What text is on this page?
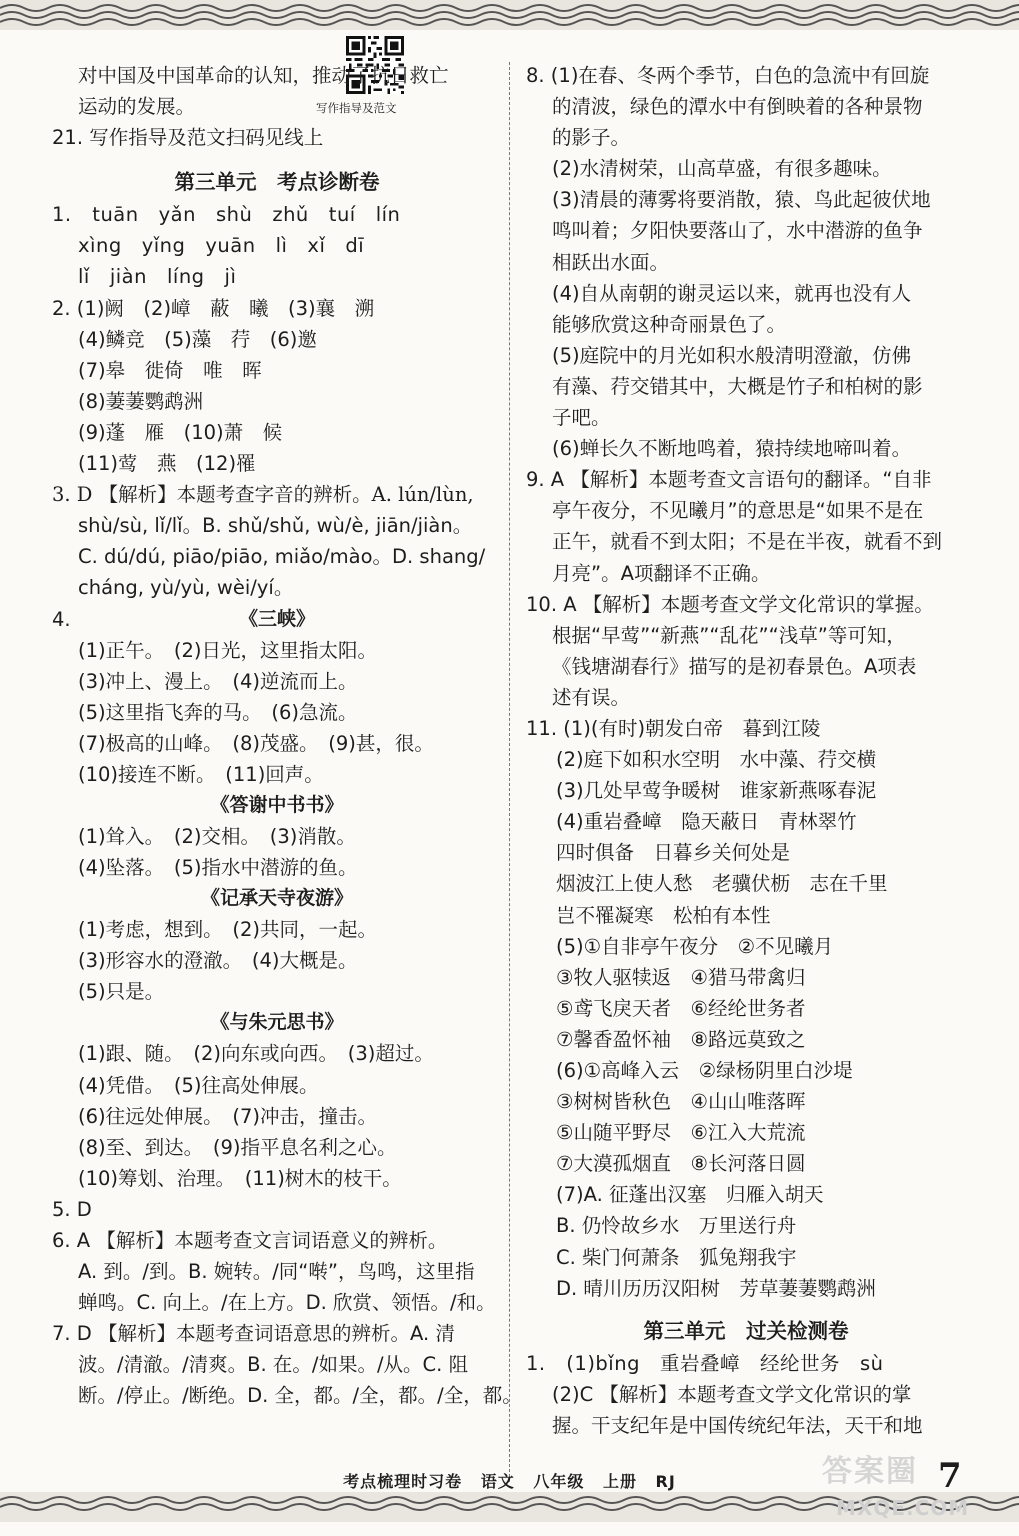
写作指导及范文
对中国及中国革命的认知，推动了抗日救亡
运动的发展。
21. 写作指导及范文扫码见线上
第三单元　考点诊断卷
1. tuān　yǎn　shù　zhǔ　tuí　lín
xìng　yǐng　yuān　lì　xǐ　dī
lǐ　jiàn　líng　jì
2. (1)阙　(2)嶂　蔽　曦　(3)襄　溯
(4)鳞竞　(5)藻　荇　(6)邀
(7)皋　徙倚　唯　晖
(8)萋萋鹦鹉洲
(9)蓬　雁　(10)萧　候
(11)莺　燕　(12)罹
3. D 【解析】本题考查字音的辨析。A. lún/lùn,
shù/sù, lǐ/lǐ。B. shǔ/shǔ, wù/è, jiān/jiàn。
C. dú/dú, piāo/piāo, miǎo/mào。D. shang/
cháng, yù/yù, wèi/yí。
4.	《三峡》
(1)正午。　(2)日光，这里指太阳。
(3)冲上、漫上。　(4)逆流而上。
(5)这里指飞奔的马。　(6)急流。
(7)极高的山峰。　(8)茂盛。　(9)甚，很。
(10)接连不断。　(11)回声。
《答谢中书书》
(1)耸入。　(2)交相。　(3)消散。
(4)坠落。　(5)指水中潜游的鱼。
《记承天寺夜游》
(1)考虑，想到。　(2)共同，一起。
(3)形容水的澄澈。　(4)大概是。
(5)只是。
《与朱元思书》
(1)跟、随。　(2)向东或向西。　(3)超过。
(4)凭借。　(5)往高处伸展。
(6)往远处伸展。　(7)冲击，撞击。
(8)至、到达。　(9)指平息名利之心。
(10)筹划、治理。　(11)树木的枝干。
5. D
6. A 【解析】本题考查文言词语意义的辨析。
A. 到。/到。B. 婉转。/同“啭”，鸟鸣，这里指
蝉鸣。C. 向上。/在上方。D. 欣赏、领悟。/和。
7. D 【解析】本题考查词语意思的辨析。A. 清
波。/清澈。/清爽。B. 在。/如果。/从。C. 阻
断。/停止。/断绝。D. 全，都。/全，都。/全，都。
8. (1)在春、冬两个季节，白色的急流中有回旋
的清波，绿色的潭水中有倒映着的各种景物
的影子。
(2)水清树荣，山高草盛，有很多趣味。
(3)清晨的薄雾将要消散，猿、鸟此起彼伏地
鸣叫着；夕阳快要落山了，水中潜游的鱼争
相跃出水面。
(4)自从南朝的谢灵运以来，就再也没有人
能够欣赏这种奇丽景色了。
(5)庭院中的月光如积水般清明澄澈，仿佛
有藻、荇交错其中，大概是竹子和柏树的影
子吧。
(6)蝉长久不断地鸣着，猿持续地啼叫着。
9. A 【解析】本题考查文言语句的翻译。“自非
亭午夜分，不见曦月”的意思是“如果不是在
正午，就看不到太阳；不是在半夜，就看不到
月亮”。A项翻译不正确。
10. A 【解析】本题考查文学文化常识的掌握。
根据“早莺”“新燕”“乱花”“浅草”等可知，
《钱塘湖春行》描写的是初春景色。A项表
述有误。
11. (1)(有时)朝发白帝　暮到江陵
(2)庭下如积水空明　水中藻、荇交横
(3)几处早莺争暖树　谁家新燕啄春泥
(4)重岩叠嶂　隐天蔽日　青林翠竹
四时俱备　日暮乡关何处是
烟波江上使人愁　老骥伏枥　志在千里
岂不罹凝寒　松柏有本性
(5)①自非亭午夜分　②不见曦月
③牧人驱犊返　④猎马带禽归
⑤鸢飞戾天者　⑥经纶世务者
⑦馨香盈怀袖　⑧路远莫致之
(6)①高峰入云　②绿杨阴里白沙堤
③树树皆秋色　④山山唯落晖
⑤山随平野尽　⑥江入大荒流
⑦大漠孤烟直　⑧长河落日圆
(7)A. 征蓬出汉塞　归雁入胡天
B. 仍怜故乡水　万里送行舟
C. 柴门何萧条　狐兔翔我宇
D. 晴川历历汉阳树　芳草萋萋鹦鹉洲
第三单元　过关检测卷
1. (1)bǐng　重岩叠嶂　经纶世务　sù
(2)C 【解析】本题考查文学文化常识的掌
握。干支纪年是中国传统纪年法，天干和地
考点梳理时习卷 语文 八年级 上册 RJ	答案圈
MXQE.COM
7
